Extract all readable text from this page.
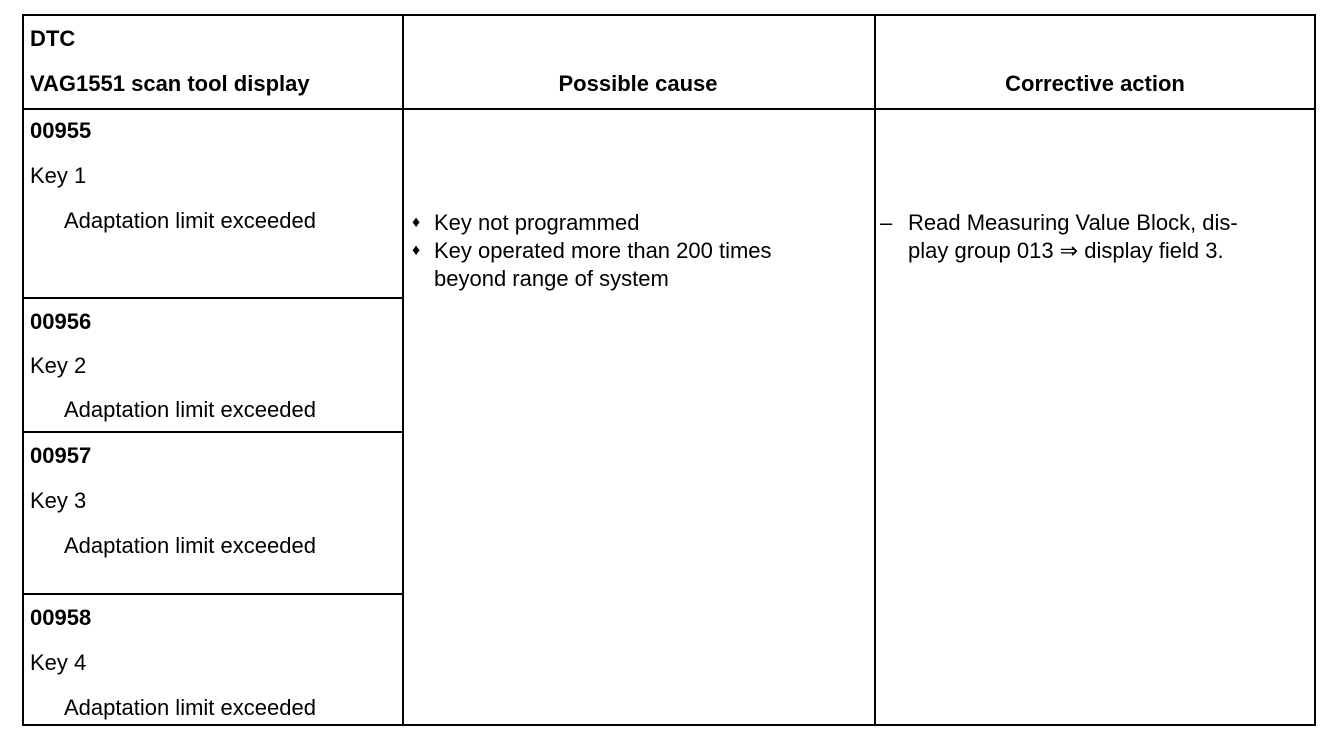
DTC
VAG1551 scan tool display	Possible cause	Corrective action
00955
Key 1
Adaptation limit exceeded
00956
Key 2
Adaptation limit exceeded
00957
Key 3
Adaptation limit exceeded
00958
Key 4
Adaptation limit exceeded
♦ Key not programmed
♦ Key operated more than 200 times
beyond range of system
– Read Measuring Value Block, dis-
play group 013 ⇒ display field 3.
